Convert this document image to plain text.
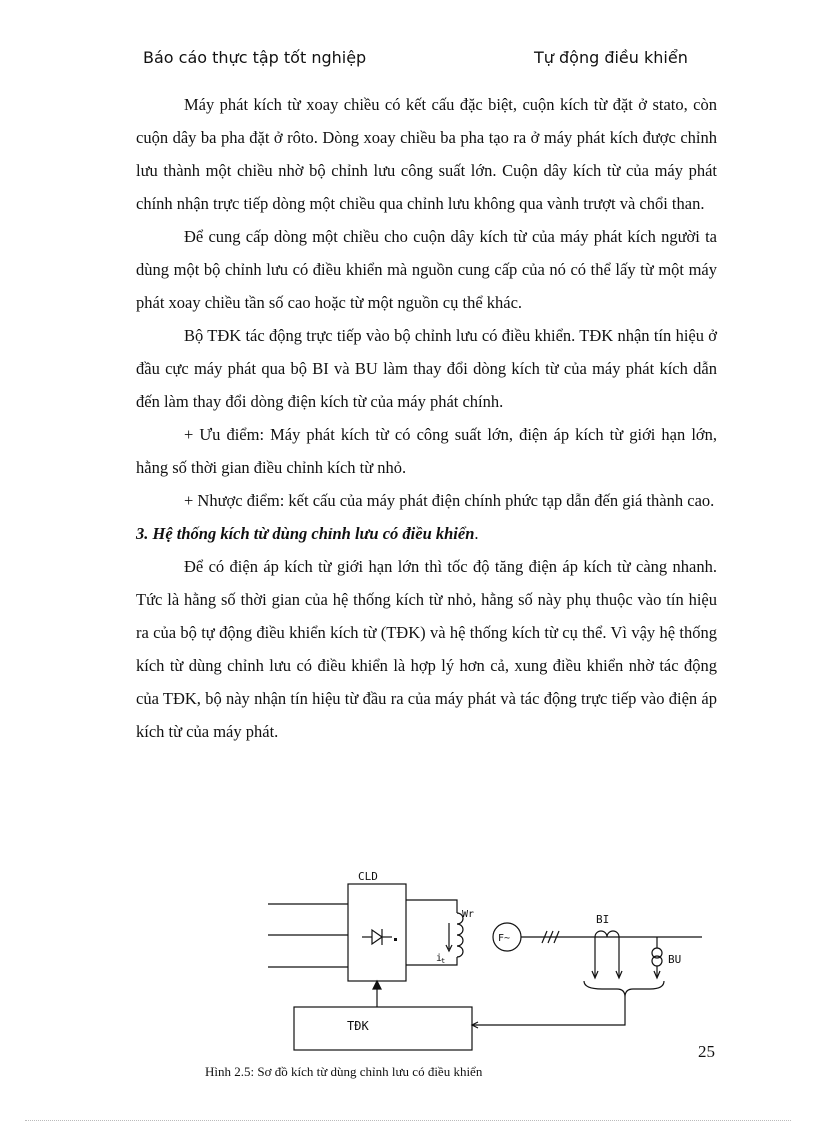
Báo cáo thực tập tốt nghiệp	Tự động điều khiển

Máy phát kích từ xoay chiều có kết cấu đặc biệt, cuộn kích từ đặt ở stato, còn cuộn dây ba pha đặt ở rôto. Dòng xoay chiều ba pha tạo ra ở máy phát kích được chỉnh lưu thành một chiều nhờ bộ chỉnh lưu công suất lớn. Cuộn dây kích từ của máy phát chính nhận trực tiếp dòng một chiều qua chỉnh lưu không qua vành trượt và chổi than.

Để cung cấp dòng một chiều cho cuộn dây kích từ của máy phát kích người ta dùng một bộ chỉnh lưu có điều khiển mà nguồn cung cấp của nó có thể lấy từ một máy phát xoay chiều tần số cao hoặc từ một nguồn cụ thể khác.

Bộ TĐK tác động trực tiếp vào bộ chỉnh lưu có điều khiển. TĐK nhận tín hiệu ở đầu cực máy phát qua bộ BI và BU làm thay đổi dòng kích từ của máy phát kích dẫn đến làm thay đổi dòng điện kích từ của máy phát chính.

+ Ưu điểm: Máy phát kích từ có công suất lớn, điện áp kích từ giới hạn lớn, hằng số thời gian điều chỉnh kích từ nhỏ.

+ Nhược điểm: kết cấu của máy phát điện chính phức tạp dẫn đến giá thành cao.

3. Hệ thống kích từ dùng chỉnh lưu có điều khiển.

Để có điện áp kích từ giới hạn lớn thì tốc độ tăng điện áp kích từ càng nhanh. Tức là hằng số thời gian của hệ thống kích từ nhỏ, hằng số này phụ thuộc vào tín hiệu ra của bộ tự động điều khiển kích từ (TĐK) và hệ thống kích từ cụ thể. Vì vậy hệ thống kích từ dùng chỉnh lưu có điều khiển là hợp lý hơn cả, xung điều khiển nhờ tác động của TĐK, bộ này nhận tín hiệu từ đầu ra của máy phát và tác động trực tiếp vào điện áp kích từ của máy phát.

CLD
Wr
i
t
F~
BI
BU
TĐK
25
Hình 2.5: Sơ đồ kích từ dùng chỉnh lưu có điều khiển
